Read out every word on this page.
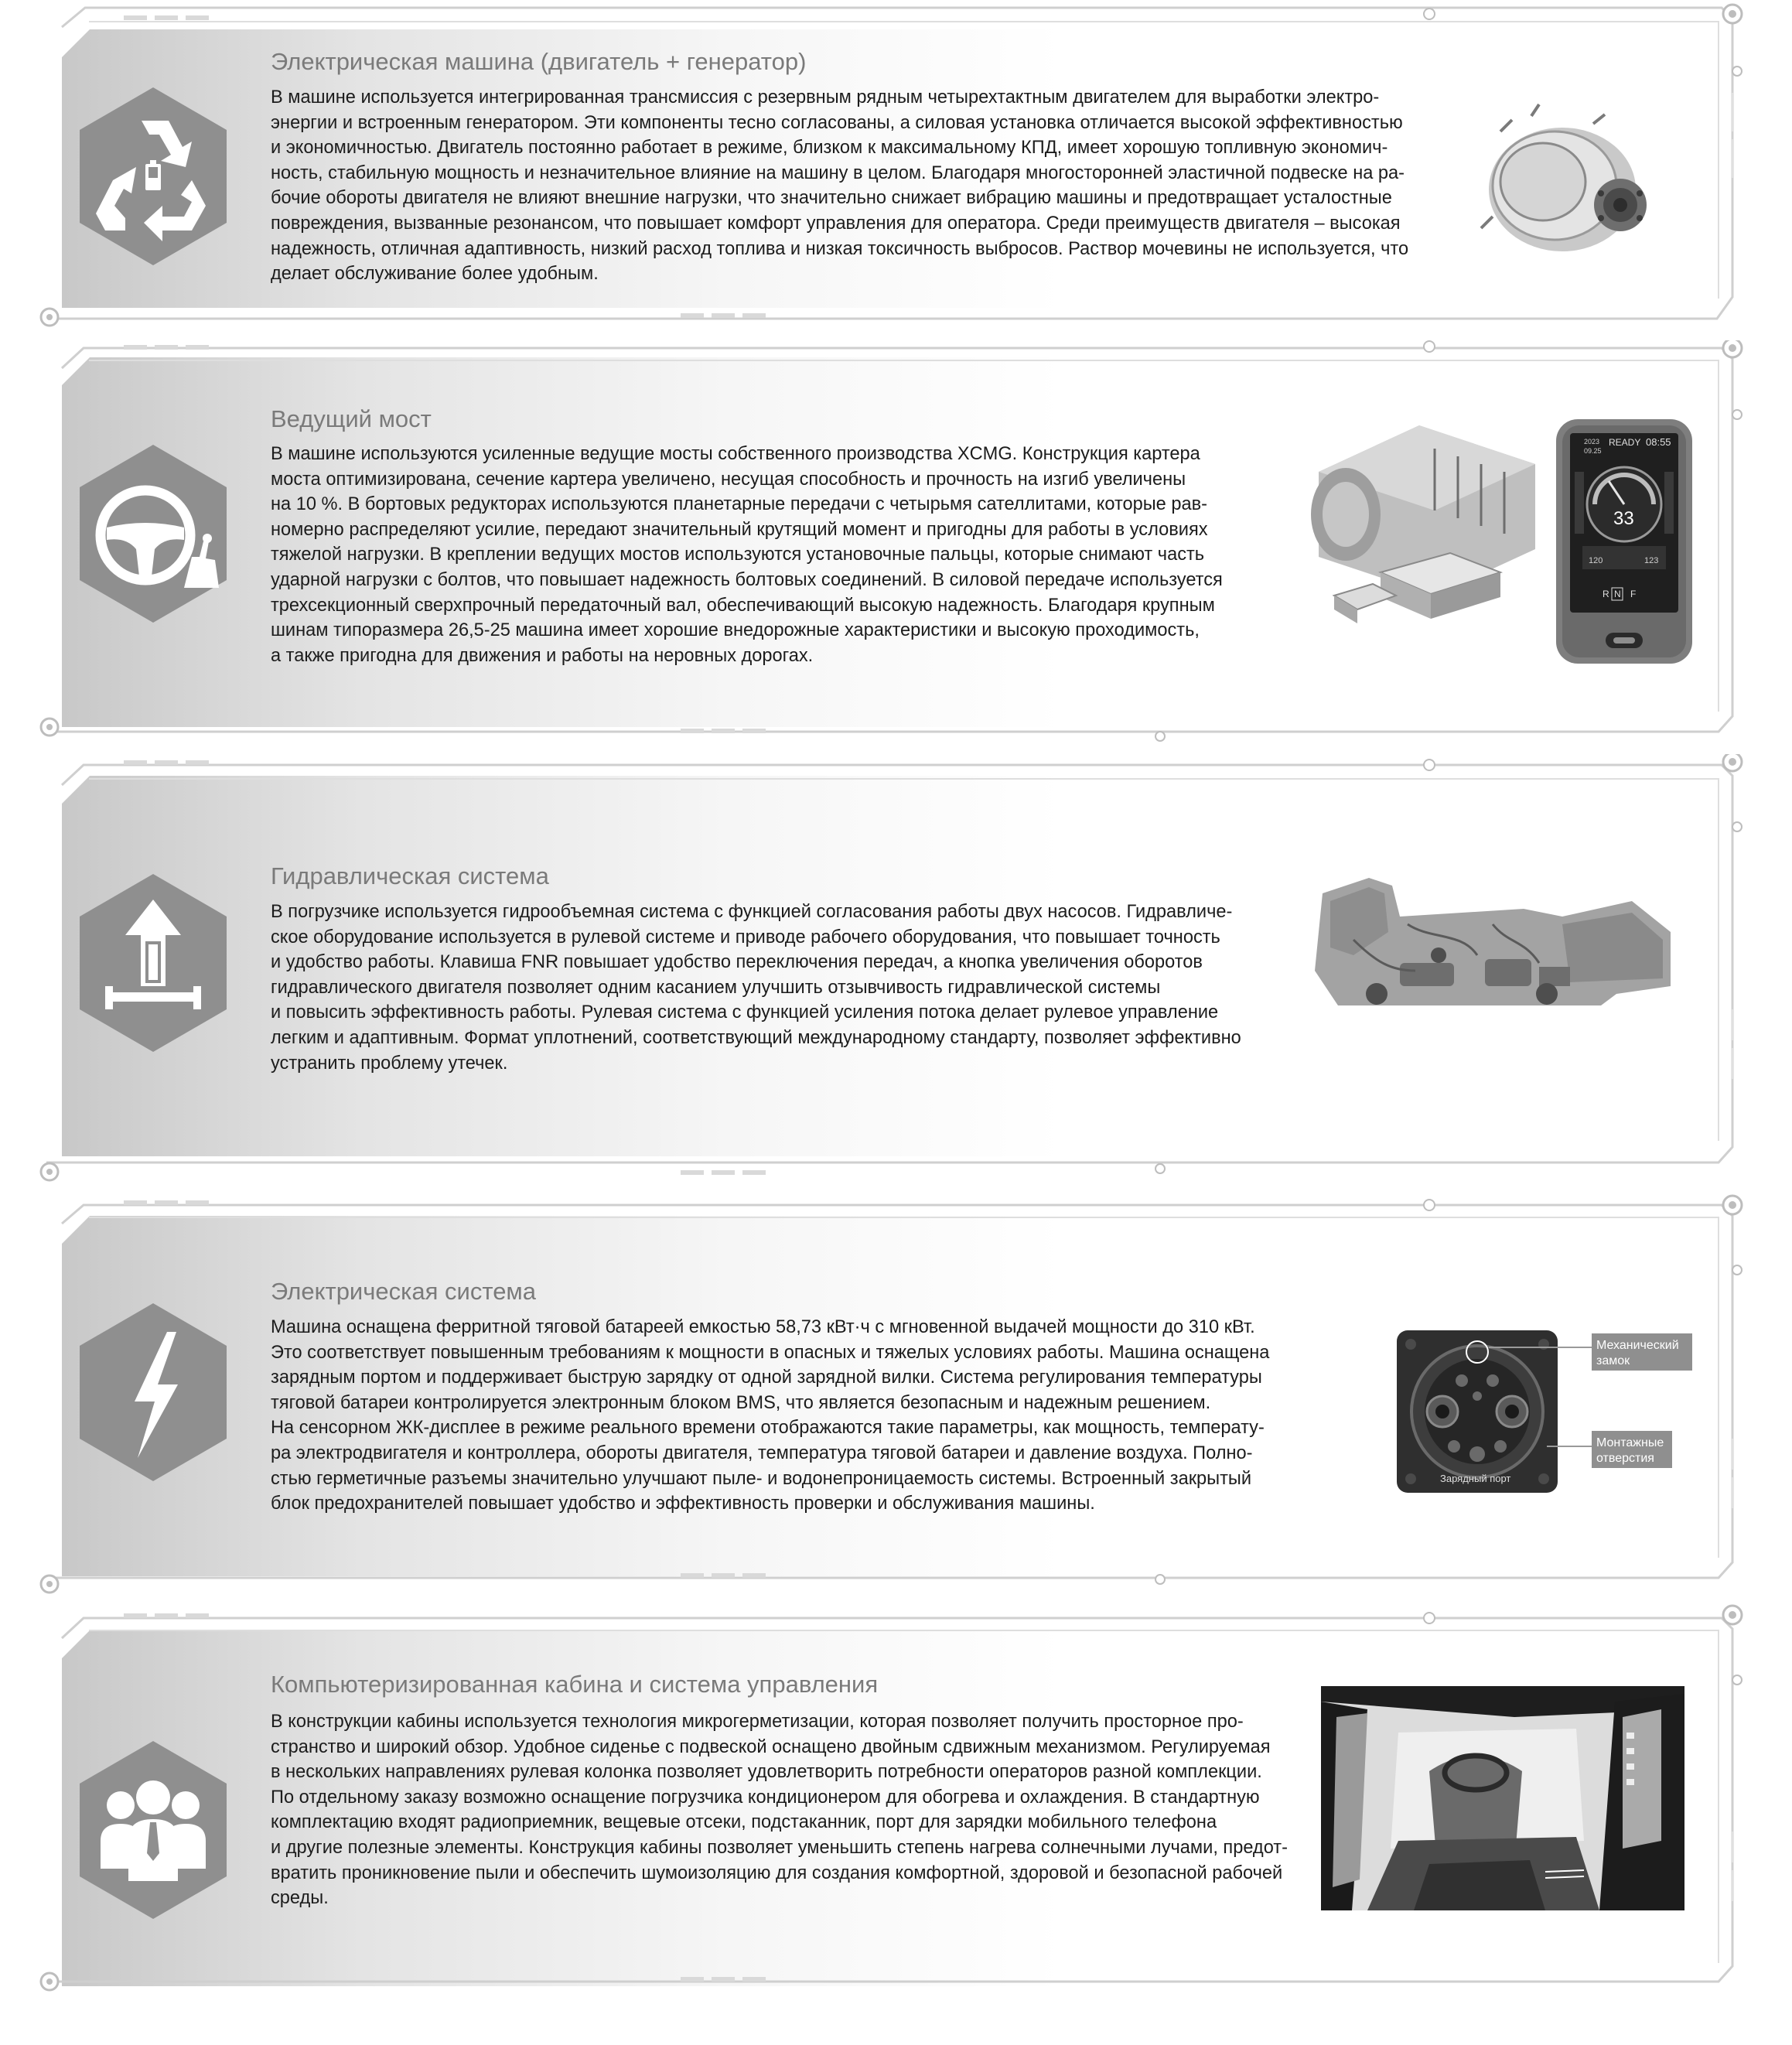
Электрическая машина (двигатель + генератор)
В машине используется интегрированная трансмиссия с резервным рядным четырехтактным двигателем для выработки электро-
энергии и встроенным генератором. Эти компоненты тесно согласованы, а силовая установка отличается высокой эффективностью
и экономичностью. Двигатель постоянно работает в режиме, близком к максимальному КПД, имеет хорошую топливную экономич-
ность, стабильную мощность и незначительное влияние на машину в целом. Благодаря многосторонней эластичной подвеске на ра-
бочие обороты двигателя не влияют внешние нагрузки, что значительно снижает вибрацию машины и предотвращает усталостные
повреждения, вызванные резонансом, что повышает комфорт управления для оператора. Среди преимуществ двигателя – высокая
надежность, отличная адаптивность, низкий расход топлива и низкая токсичность выбросов. Раствор мочевины не используется, что
делает обслуживание более удобным.
Ведущий мост
В машине используются усиленные ведущие мосты собственного производства XCMG. Конструкция картера
моста оптимизирована, сечение картера увеличено, несущая способность и прочность на изгиб увеличены
на 10 %. В бортовых редукторах используются планетарные передачи с четырьмя сателлитами, которые рав-
номерно распределяют усилие, передают значительный крутящий момент и пригодны для работы в условиях
тяжелой нагрузки. В креплении ведущих мостов используются установочные пальцы, которые снимают часть
ударной нагрузки с болтов, что повышает надежность болтовых соединений. В силовой передаче используется
трехсекционный сверхпрочный передаточный вал, обеспечивающий высокую надежность. Благодаря крупным
шинам типоразмера 26,5-25 машина имеет хорошие внедорожные характеристики и высокую проходимость,
а также пригодна для движения и работы на неровных дорогах.
2023 READY 08:55
09.25
33
120	123
R N F
Гидравлическая система
В погрузчике используется гидрообъемная система с функцией согласования работы двух насосов. Гидравличе-
ское оборудование используется в рулевой системе и приводе рабочего оборудования, что повышает точность
и удобство работы. Клавиша FNR повышает удобство переключения передач, а кнопка увеличения оборотов
гидравлического двигателя позволяет одним касанием улучшить отзывчивость гидравлической системы
и повысить эффективность работы. Рулевая система с функцией усиления потока делает рулевое управление
легким и адаптивным. Формат уплотнений, соответствующий международному стандарту, позволяет эффективно
устранить проблему утечек.
Электрическая система
Машина оснащена ферритной тяговой батареей емкостью 58,73 кВт·ч с мгновенной выдачей мощности до 310 кВт.
Это соответствует повышенным требованиям к мощности в опасных и тяжелых условиях работы. Машина оснащена
зарядным портом и поддерживает быструю зарядку от одной зарядной вилки. Система регулирования температуры
тяговой батареи контролируется электронным блоком BMS, что является безопасным и надежным решением.
На сенсорном ЖК-дисплее в режиме реального времени отображаются такие параметры, как мощность, температу-
ра электродвигателя и контроллера, обороты двигателя, температура тяговой батареи и давление воздуха. Полно-
стью герметичные разъемы значительно улучшают пыле- и водонепроницаемость системы. Встроенный закрытый
блок предохранителей повышает удобство и эффективность проверки и обслуживания машины.
Зарядный порт
Механический
замок
Монтажные
отверстия
Компьютеризированная кабина и система управления
В конструкции кабины используется технология микрогерметизации, которая позволяет получить просторное про-
странство и широкий обзор. Удобное сиденье с подвеской оснащено двойным сдвижным механизмом. Регулируемая
в нескольких направлениях рулевая колонка позволяет удовлетворить потребности операторов разной комплекции.
По отдельному заказу возможно оснащение погрузчика кондиционером для обогрева и охлаждения. В стандартную
комплектацию входят радиоприемник, вещевые отсеки, подстаканник, порт для зарядки мобильного телефона
и другие полезные элементы. Конструкция кабины позволяет уменьшить степень нагрева солнечными лучами, предот-
вратить проникновение пыли и обеспечить шумоизоляцию для создания комфортной, здоровой и безопасной рабочей
среды.
